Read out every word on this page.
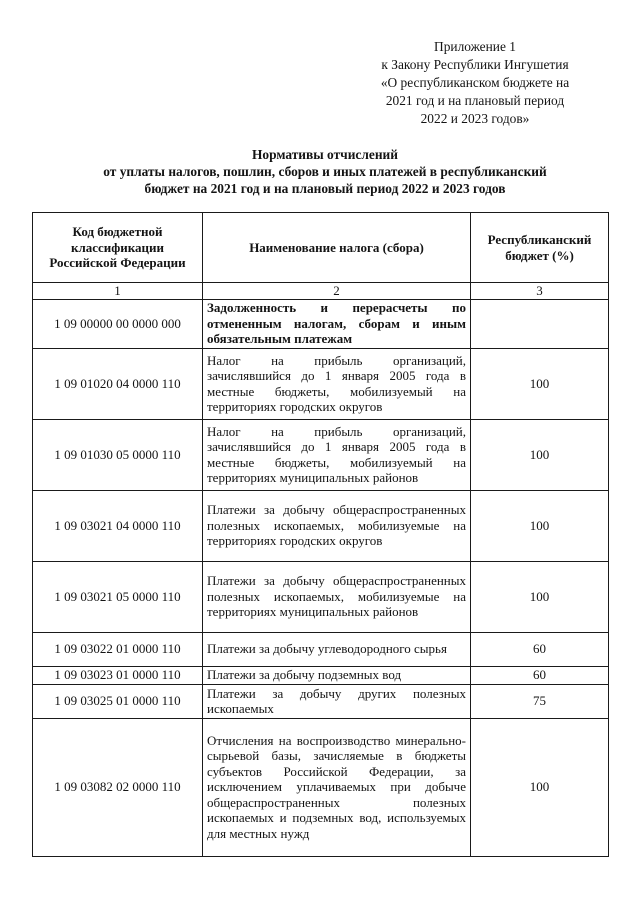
Приложение 1
к Закону Республики Ингушетия
«О республиканском бюджете на
2021 год и на плановый период
2022 и 2023 годов»
Нормативы отчислений
от уплаты налогов, пошлин, сборов и иных платежей в республиканский
бюджет на 2021 год и на плановый период 2022 и 2023 годов
Код бюджетной классификации Российской Федерации	Наименование налога (сбора)	Республиканский бюджет (%)
1	2	3
1 09 00000 00 0000 000	Задолженность и перерасчеты по отмененным налогам, сборам и иным обязательным платежам	
1 09 01020 04 0000 110	Налог на прибыль организаций, зачислявшийся до 1 января 2005 года в местные бюджеты, мобилизуемый на территориях городских округов	100
1 09 01030 05 0000 110	Налог на прибыль организаций, зачислявшийся до 1 января 2005 года в местные бюджеты, мобилизуемый на территориях муниципальных районов	100
1 09 03021 04 0000 110	Платежи за добычу общераспространенных полезных ископаемых, мобилизуемые на территориях городских округов	100
1 09 03021 05 0000 110	Платежи за добычу общераспространенных полезных ископаемых, мобилизуемые на территориях муниципальных районов	100
1 09 03022 01 0000 110	Платежи за добычу углеводородного сырья	60
1 09 03023 01 0000 110	Платежи за добычу подземных вод	60
1 09 03025 01 0000 110	Платежи за добычу других полезных ископаемых	75
1 09 03082 02 0000 110	Отчисления на воспроизводство минерально-сырьевой базы, зачисляемые в бюджеты субъектов Российской Федерации, за исключением уплачиваемых при добыче общераспространенных полезных ископаемых и подземных вод, используемых для местных нужд	100
